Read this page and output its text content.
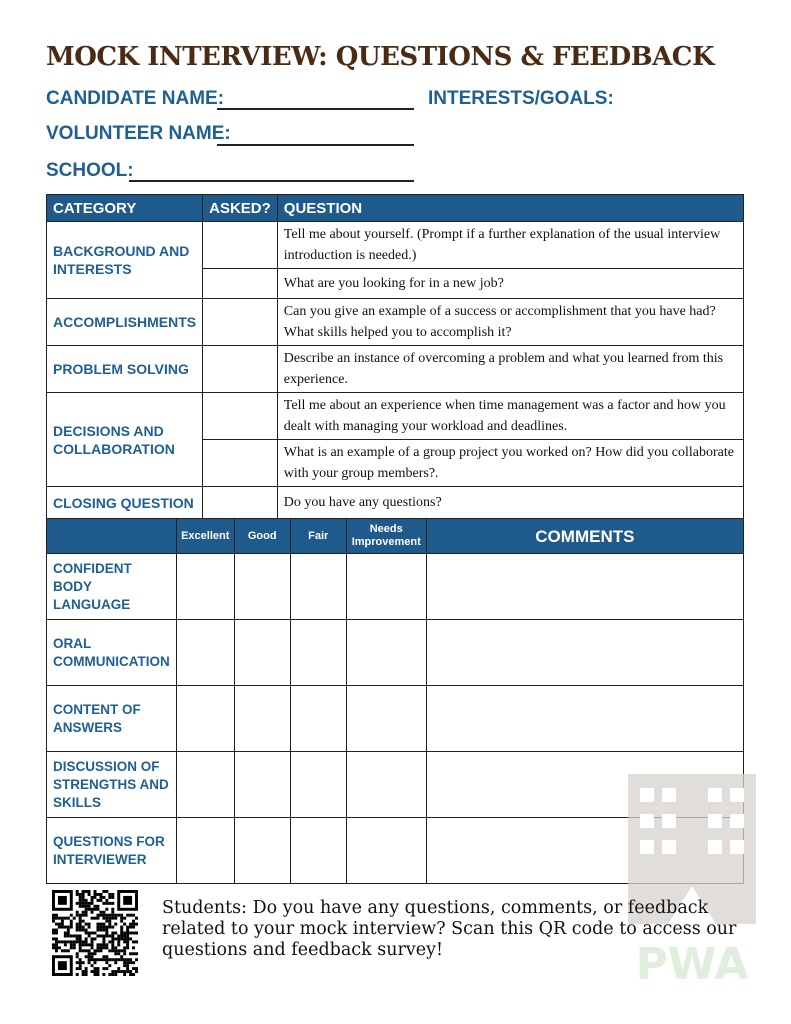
MOCK INTERVIEW: QUESTIONS & FEEDBACK
CANDIDATE NAME:	INTERESTS/GOALS:
VOLUNTEER NAME:
SCHOOL:
CATEGORY	ASKED?	QUESTION
BACKGROUND AND INTERESTS		Tell me about yourself. (Prompt if a further explanation of the usual interview introduction is needed.)
		What are you looking for in a new job?
ACCOMPLISHMENTS		Can you give an example of a success or accomplishment that you have had? What skills helped you to accomplish it?
PROBLEM SOLVING		Describe an instance of overcoming a problem and what you learned from this experience.
DECISIONS AND COLLABORATION		Tell me about an experience when time management was a factor and how you dealt with managing your workload and deadlines.
		What is an example of a group project you worked on? How did you collaborate with your group members?.
CLOSING QUESTION		Do you have any questions?
	Excellent	Good	Fair	Needs Improvement	COMMENTS
CONFIDENT BODY LANGUAGE					
ORAL COMMUNICATION					
CONTENT OF ANSWERS					
DISCUSSION OF STRENGTHS AND SKILLS					
QUESTIONS FOR INTERVIEWER					
PWA
Students: Do you have any questions, comments, or feedback related to your mock interview? Scan this QR code to access our questions and feedback survey!
